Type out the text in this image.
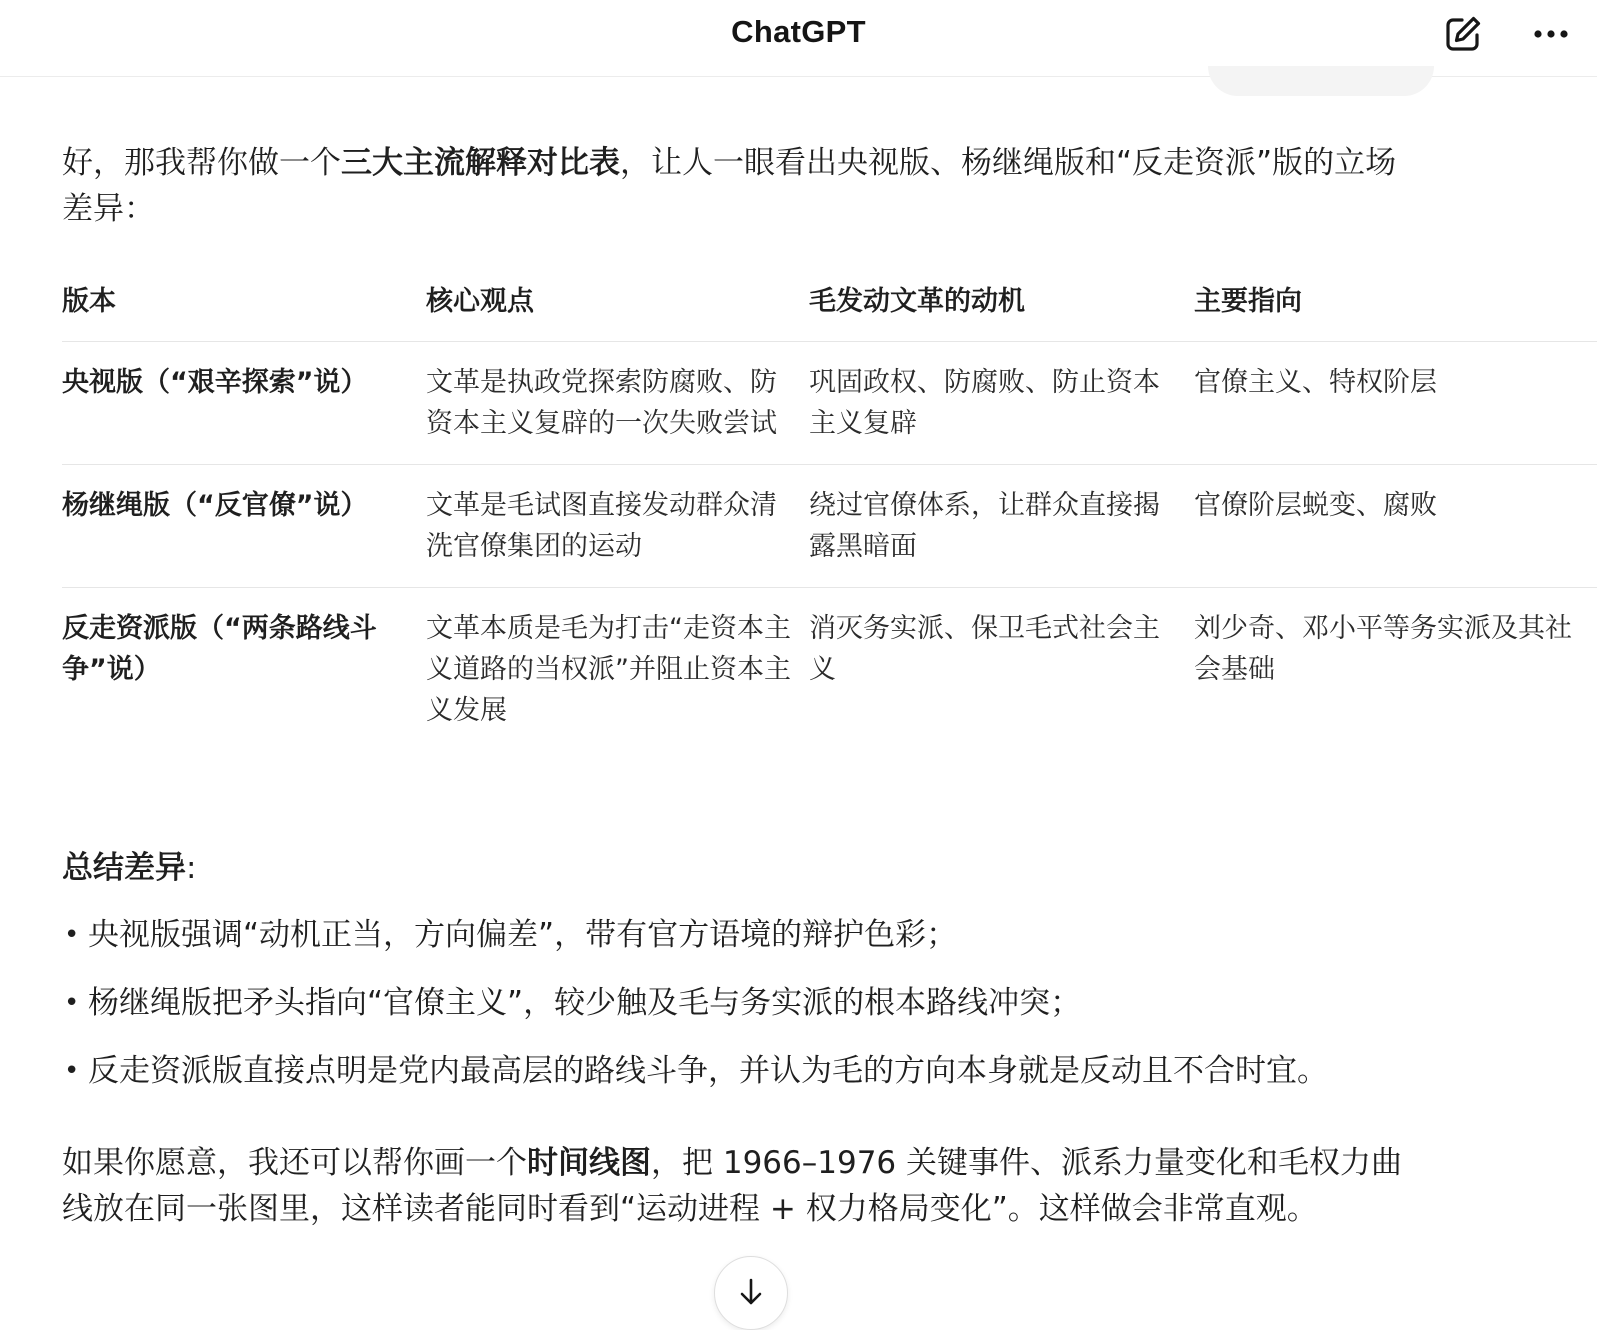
ChatGPT
好，那我帮你做一个三大主流解释对比表，让人一眼看出央视版、杨继绳版和“反走资派”版的立场差异：
版本	核心观点	毛发动文革的动机	主要指向
央视版（“艰辛探索”说）	文革是执政党探索防腐败、防资本主义复辟的一次失败尝试	巩固政权、防腐败、防止资本主义复辟	官僚主义、特权阶层
杨继绳版（“反官僚”说）	文革是毛试图直接发动群众清洗官僚集团的运动	绕过官僚体系，让群众直接揭露黑暗面	官僚阶层蜕变、腐败
反走资派版（“两条路线斗争”说）	文革本质是毛为打击“走资本主义道路的当权派”并阻止资本主义发展	消灭务实派、保卫毛式社会主义	刘少奇、邓小平等务实派及其社会基础
总结差异:
• 央视版强调“动机正当，方向偏差”，带有官方语境的辩护色彩；
• 杨继绳版把矛头指向“官僚主义”，较少触及毛与务实派的根本路线冲突；
• 反走资派版直接点明是党内最高层的路线斗争，并认为毛的方向本身就是反动且不合时宜。
如果你愿意，我还可以帮你画一个时间线图，把 1966–1976 关键事件、派系力量变化和毛权力曲线放在同一张图里，这样读者能同时看到“运动进程 + 权力格局变化”。这样做会非常直观。
